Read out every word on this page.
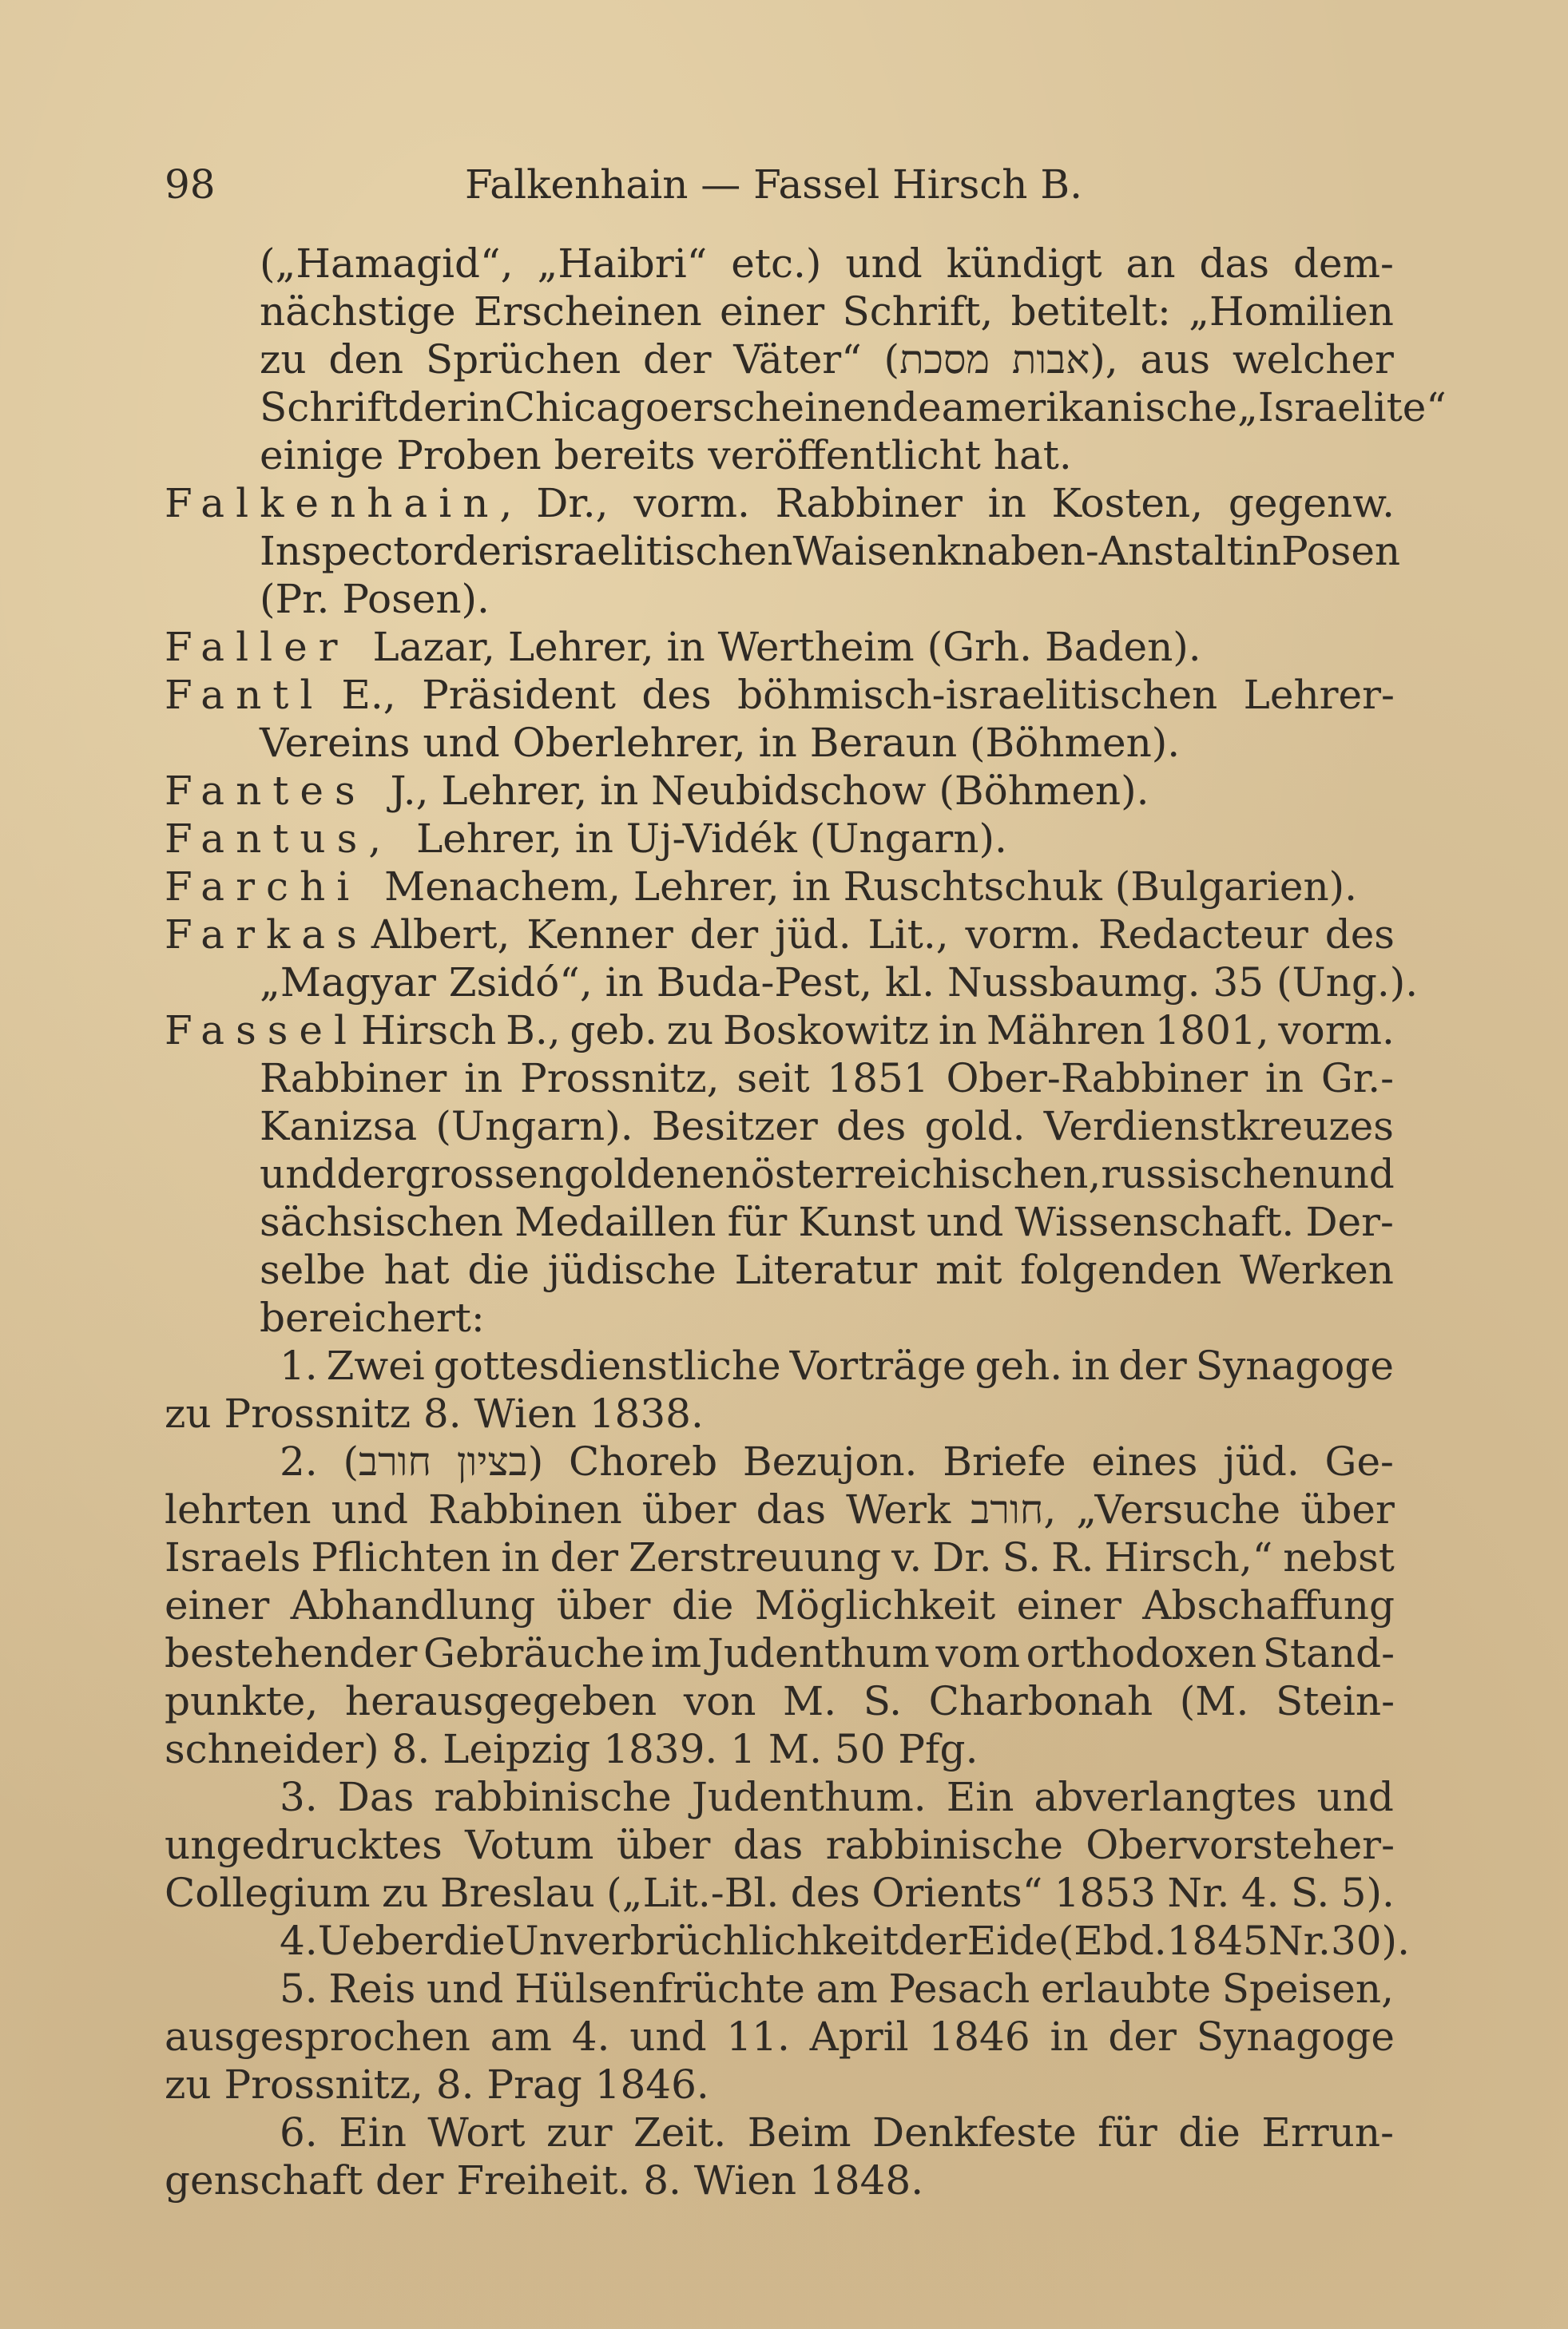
98	Falkenhain — Fassel Hirsch B.
(„Hamagid“, „Haibri“ etc.) und kündigt an das dem-
nächstige Erscheinen einer Schrift, betitelt: „Homilien
zu den Sprüchen der Väter“ (מסכת אבות), aus welcher
Schrift der in Chicago erscheinende amerikanische „Israelite“
einige Proben bereits veröffentlicht hat.
Falkenhain, Dr., vorm. Rabbiner in Kosten, gegenw.
Inspector der israelitischen Waisenknaben-Anstalt in Posen
(Pr. Posen).
Faller Lazar, Lehrer, in Wertheim (Grh. Baden).
Fantl E., Präsident des böhmisch-israelitischen Lehrer-
Vereins und Oberlehrer, in Beraun (Böhmen).
Fantes J., Lehrer, in Neubidschow (Böhmen).
Fantus, Lehrer, in Uj-Vidék (Ungarn).
Farchi Menachem, Lehrer, in Ruschtschuk (Bulgarien).
Farkas Albert, Kenner der jüd. Lit., vorm. Redacteur des
„Magyar Zsidó“, in Buda-Pest, kl. Nussbaumg. 35 (Ung.).
Fassel Hirsch B., geb. zu Boskowitz in Mähren 1801, vorm.
Rabbiner in Prossnitz, seit 1851 Ober-Rabbiner in Gr.-
Kanizsa (Ungarn). Besitzer des gold. Verdienstkreuzes
und der grossen goldenen österreichischen, russischen und
sächsischen Medaillen für Kunst und Wissenschaft. Der-
selbe hat die jüdische Literatur mit folgenden Werken
bereichert:
1. Zwei gottesdienstliche Vorträge geh. in der Synagoge
zu Prossnitz 8. Wien 1838.
2. (חורב בציון) Choreb Bezujon. Briefe eines jüd. Ge-
lehrten und Rabbinen über das Werk חורב, „Versuche über
Israels Pflichten in der Zerstreuung v. Dr. S. R. Hirsch,“ nebst
einer Abhandlung über die Möglichkeit einer Abschaffung
bestehender Gebräuche im Judenthum vom orthodoxen Stand-
punkte, herausgegeben von M. S. Charbonah (M. Stein-
schneider) 8. Leipzig 1839. 1 M. 50 Pfg.
3. Das rabbinische Judenthum. Ein abverlangtes und
ungedrucktes Votum über das rabbinische Obervorsteher-
Collegium zu Breslau („Lit.-Bl. des Orients“ 1853 Nr. 4. S. 5).
4. Ueber die Unverbrüchlichkeit der Eide (Ebd. 1845 Nr. 30).
5. Reis und Hülsenfrüchte am Pesach erlaubte Speisen,
ausgesprochen am 4. und 11. April 1846 in der Synagoge
zu Prossnitz, 8. Prag 1846.
6. Ein Wort zur Zeit. Beim Denkfeste für die Errun-
genschaft der Freiheit. 8. Wien 1848.
